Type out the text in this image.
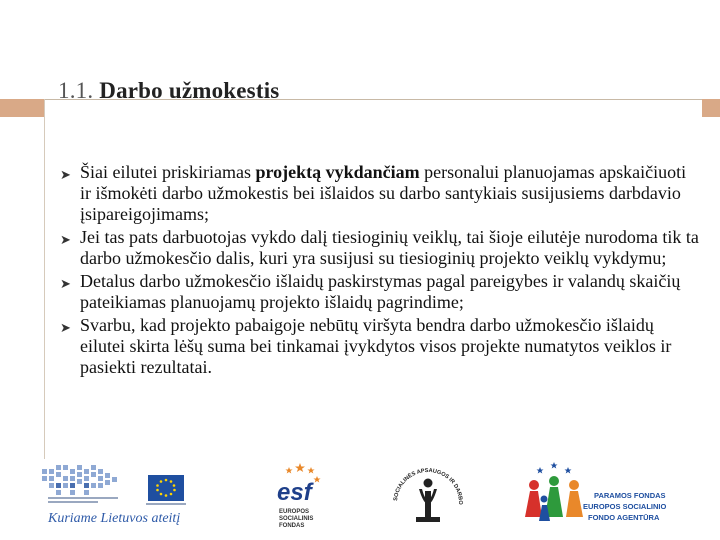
1.1. Darbo užmokestis
➤ Šiai eilutei priskiriamas projektą vykdančiam personalui planuojamas apskaičiuoti ir išmokėti darbo užmokestis bei išlaidos su darbo santykiais susijusiems darbdavio įsipareigojimams;
➤ Jei tas pats darbuotojas vykdo dalį tiesioginių veiklų, tai šioje eilutėje nurodoma tik ta darbo užmokesčio dalis, kuri yra susijusi su tiesioginių projekto veiklų vykdymu;
➤ Detalus darbo užmokesčio išlaidų paskirstymas pagal pareigybes ir valandų skaičių pateikiamas planuojamų projekto išlaidų pagrindime;
➤ Svarbu, kad projekto pabaigoje nebūtų viršyta bendra darbo užmokesčio išlaidų eilutei skirta lėšų suma bei tinkamai įvykdytos visos projekte numatytos veiklos ir pasiekti rezultatai.
Kuriame Lietuvos ateitį
esf
EUROPOS
SOCIALINIS
FONDAS
SOCIALINĖS APSAUGOS IR DARBO
PARAMOS FONDAS
EUROPOS SOCIALINIO
FONDO AGENTŪRA
